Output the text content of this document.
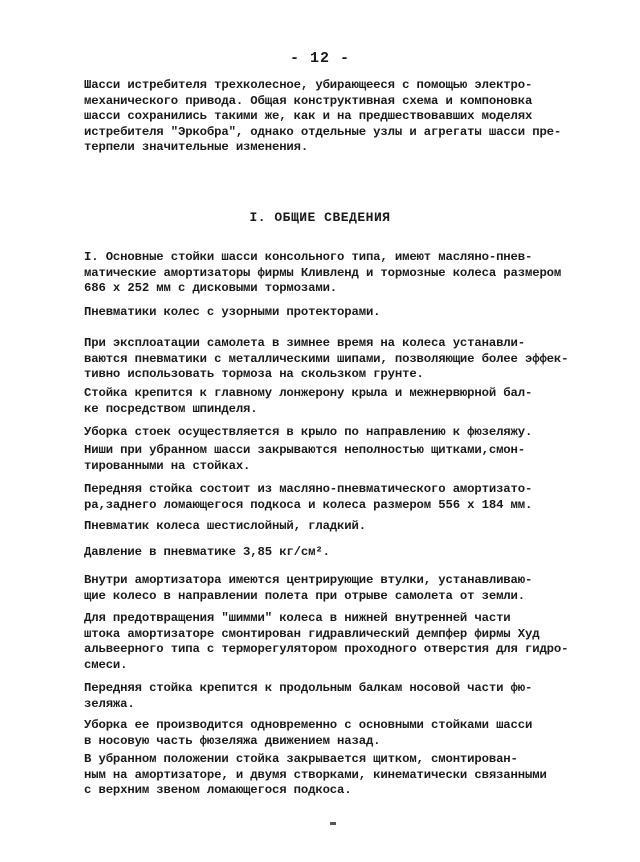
- 12 -
Шасси истребителя трехколесное, убирающееся с помощью электро-
механического привода. Общая конструктивная схема и компоновка
шасси сохранились такими же, как и на предшествовавших моделях
истребителя "Эркобра", однако отдельные узлы и агрегаты шасси пре-
терпели значительные изменения.
I. ОБЩИЕ СВЕДЕНИЯ
I. Основные стойки шасси консольного типа, имеют масляно-пнев-
матические амортизаторы фирмы Кливленд и тормозные колеса размером
686 х 252 мм с дисковыми тормозами.
Пневматики колес с узорными протекторами.
При эксплоатации самолета в зимнее время на колеса устанавли-
ваются пневматики с металлическими шипами, позволяющие более эффек-
тивно использовать тормоза на скользком грунте.
Стойка крепится к главному лонжерону крыла и межнервюрной бал-
ке посредством шпинделя.
Уборка стоек осуществляется в крыло по направлению к фюзеляжу.
Ниши при убранном шасси закрываются неполностью щитками,смон-
тированными на стойках.
Передняя стойка состоит из масляно-пневматического амортизато-
ра,заднего ломающегося подкоса и колеса размером 556 х 184 мм.
Пневматик колеса шестислойный, гладкий.
Давление в пневматике 3,85 кг/см².
Внутри амортизатора имеются центрирующие втулки, устанавливаю-
щие колесо в направлении полета при отрыве самолета от земли.
Для предотвращения "шимми" колеса в нижней внутренней части
штока амортизаторе смонтирован гидравлический демпфер фирмы Худ
альвеерного типа с терморегулятором проходного отверстия для гидро-
смеси.
Передняя стойка крепится к продольным балкам носовой части фю-
зеляжа.
Уборка ее производится одновременно с основными стойками шасси
в носовую часть фюзеляжа движением назад.
В убранном положении стойка закрывается щитком, смонтирован-
ным на амортизаторе, и двумя створками, кинематически связанными
с верхним звеном ломающегося подкоса.
